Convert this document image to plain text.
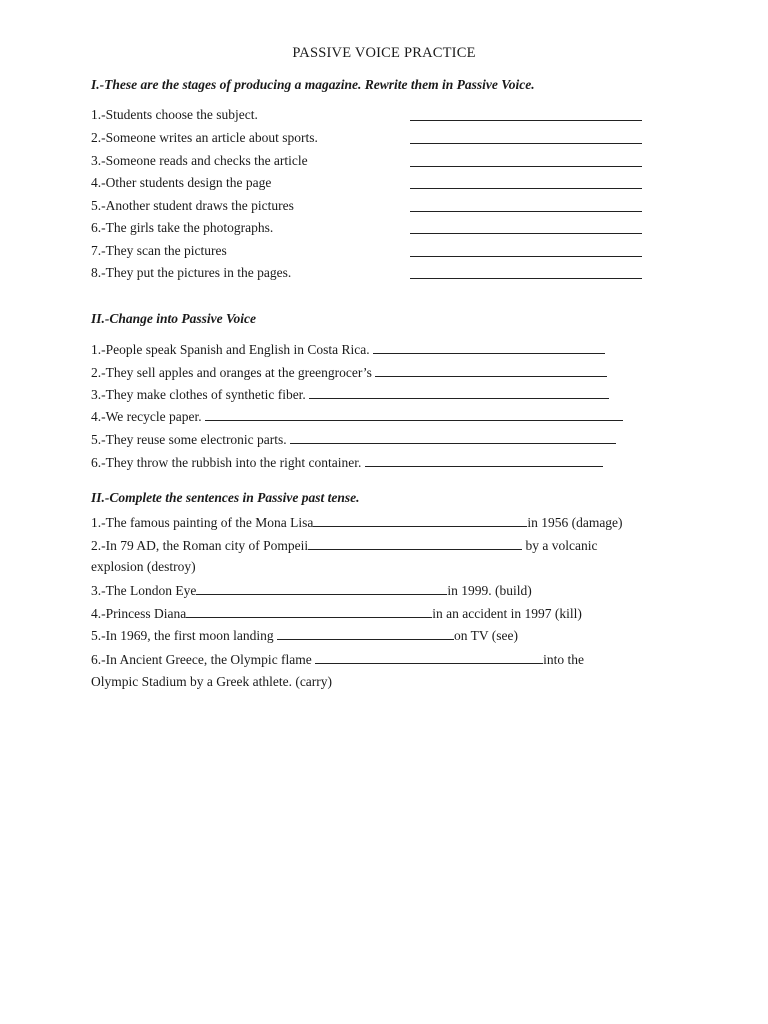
PASSIVE VOICE PRACTICE
I.-These are the stages of producing a magazine. Rewrite them in Passive Voice.
1.-Students choose the subject.
2.-Someone writes an article about sports.
3.-Someone reads and checks the article
4.-Other students design the page
5.-Another student draws the pictures
6.-The girls take the photographs.
7.-They scan the pictures
8.-They put the pictures in the pages.
II.-Change into Passive Voice
1.-People speak Spanish and English in Costa Rica.
2.-They sell apples and oranges at the greengrocer’s
3.-They make clothes of synthetic fiber.
4.-We recycle paper.
5.-They reuse some electronic parts.
6.-They throw the rubbish into the right container.
II.-Complete the sentences in Passive past tense.
1.-The famous painting of the Mona Lisa	in 1956 (damage)
2.-In 79 AD, the Roman city of Pompeii	by a volcanic
explosion (destroy)
3.-The London Eye	in 1999. (build)
4.-Princess Diana	in an accident in 1997 (kill)
5.-In 1969, the first moon landing	on TV (see)
6.-In Ancient Greece, the Olympic flame	into the
Olympic Stadium by a Greek athlete. (carry)
